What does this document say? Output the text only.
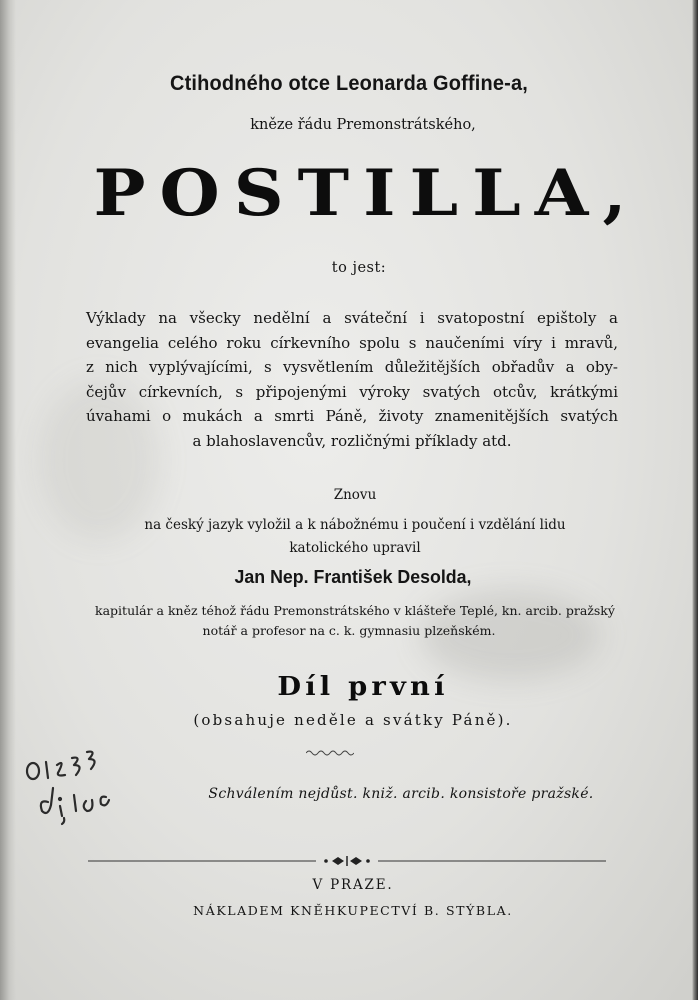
Ctihodného otce Leonarda Goffine-a,
kněze řádu Premonstrátského,
POSTILLA,
to jest:
Výklady na všecky nedělní a sváteční i svatopostní epištoly a
evangelia celého roku církevního spolu s naučeními víry i mravů,
z nich vyplývajícími, s vysvětlením důležitějších obřadův a oby-
čejův církevních, s připojenými výroky svatých otcův, krátkými
úvahami o mukách a smrti Páně, životy znamenitějších svatých
a blahoslavencův, rozličnými příklady atd.
Znovu
na český jazyk vyložil a k nábožnému i poučení i vzdělání lidu
katolického upravil
Jan Nep. František Desolda,
kapitulár a kněz téhož řádu Premonstrátského v klášteře Teplé, kn. arcib. pražský
notář a profesor na c. k. gymnasiu plzeňském.
Díl první
(obsahuje neděle a svátky Páně).
Schválením nejdůst. kniž. arcib. konsistoře pražské.
V PRAZE.
NÁKLADEM KNĚHKUPECTVÍ B. STÝBLA.
